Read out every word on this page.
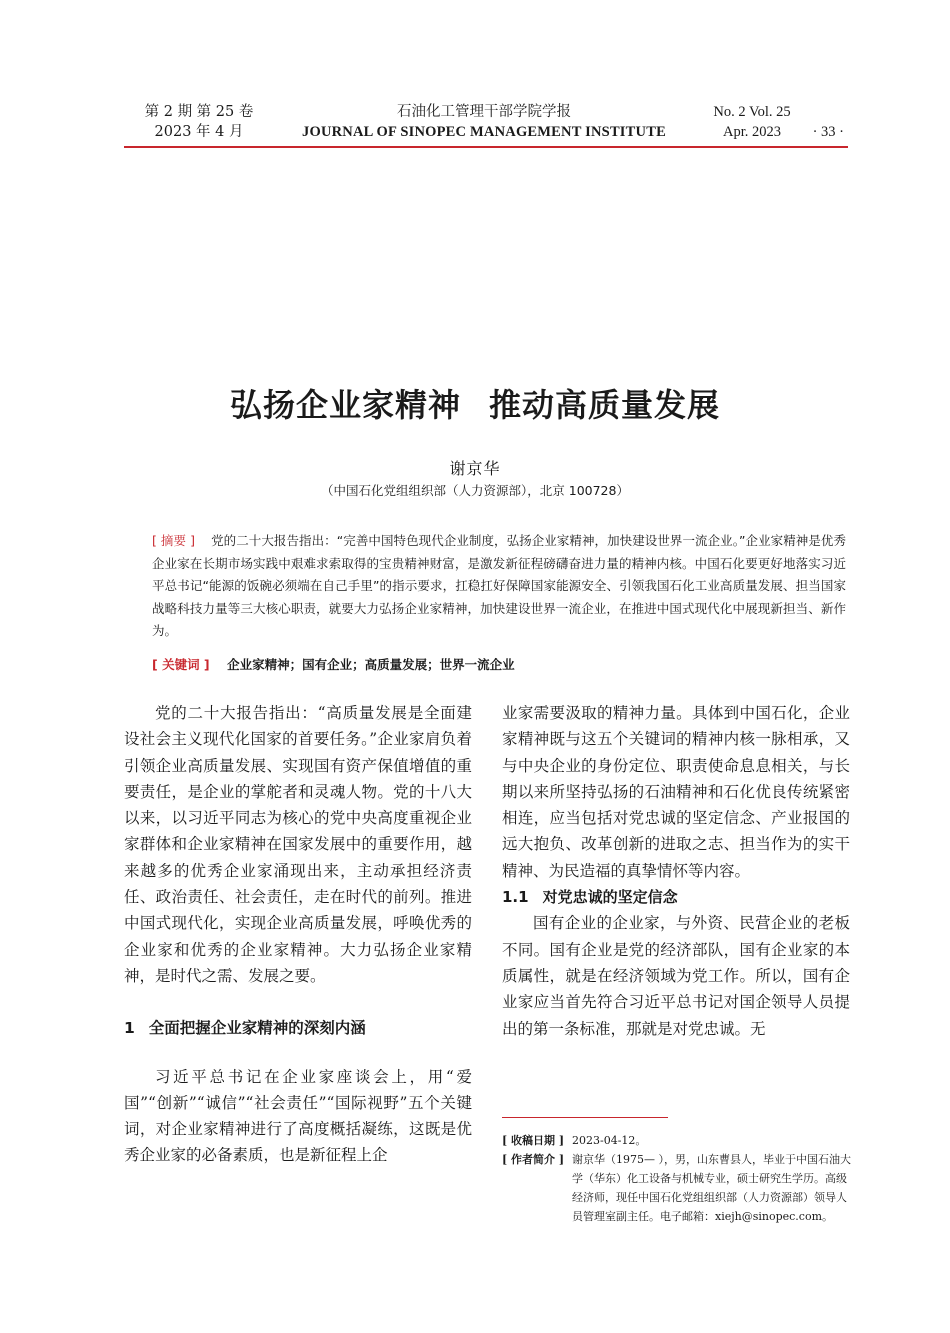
第 2 期 第 25 卷
2023 年 4 月
石油化工管理干部学院学报
JOURNAL OF SINOPEC MANAGEMENT INSTITUTE
No. 2 Vol. 25
Apr. 2023	· 33 ·
弘扬企业家精神 推动高质量发展
谢京华
（中国石化党组组织部（人力资源部），北京 100728）
[ 摘要 ] 党的二十大报告指出：“完善中国特色现代企业制度，弘扬企业家精神，加快建设世界一流企业。”企业家精神是优秀企业家在长期市场实践中艰难求索取得的宝贵精神财富，是激发新征程磅礴奋进力量的精神内核。中国石化要更好地落实习近平总书记“能源的饭碗必须端在自己手里”的指示要求，扛稳扛好保障国家能源安全、引领我国石化工业高质量发展、担当国家战略科技力量等三大核心职责，就要大力弘扬企业家精神，加快建设世界一流企业，在推进中国式现代化中展现新担当、新作为。
[ 关键词 ] 企业家精神；国有企业；高质量发展；世界一流企业

党的二十大报告指出：“高质量发展是全面建设社会主义现代化国家的首要任务。”企业家肩负着引领企业高质量发展、实现国有资产保值增值的重要责任，是企业的掌舵者和灵魂人物。党的十八大以来，以习近平同志为核心的党中央高度重视企业家群体和企业家精神在国家发展中的重要作用，越来越多的优秀企业家涌现出来，主动承担经济责任、政治责任、社会责任，走在时代的前列。推进中国式现代化，实现企业高质量发展，呼唤优秀的企业家和优秀的企业家精神。大力弘扬企业家精神，是时代之需、发展之要。

1 全面把握企业家精神的深刻内涵

习近平总书记在企业家座谈会上，用“爱国”“创新”“诚信”“社会责任”“国际视野”五个关键词，对企业家精神进行了高度概括凝练，这既是优秀企业家的必备素质，也是新征程上企

业家需要汲取的精神力量。具体到中国石化，企业家精神既与这五个关键词的精神内核一脉相承，又与中央企业的身份定位、职责使命息息相关，与长期以来所坚持弘扬的石油精神和石化优良传统紧密相连，应当包括对党忠诚的坚定信念、产业报国的远大抱负、改革创新的进取之志、担当作为的实干精神、为民造福的真挚情怀等内容。

1.1 对党忠诚的坚定信念

国有企业的企业家，与外资、民营企业的老板不同。国有企业是党的经济部队，国有企业家的本质属性，就是在经济领域为党工作。所以，国有企业家应当首先符合习近平总书记对国企领导人员提出的第一条标准，那就是对党忠诚。无

[ 收稿日期 ] 2023-04-12。
[ 作者简介 ] 谢京华（1975— ），男，山东曹县人，毕业于中国石油大学（华东）化工设备与机械专业，硕士研究生学历。高级经济师，现任中国石化党组组织部（人力资源部）领导人员管理室副主任。电子邮箱：xiejh@sinopec.com。
